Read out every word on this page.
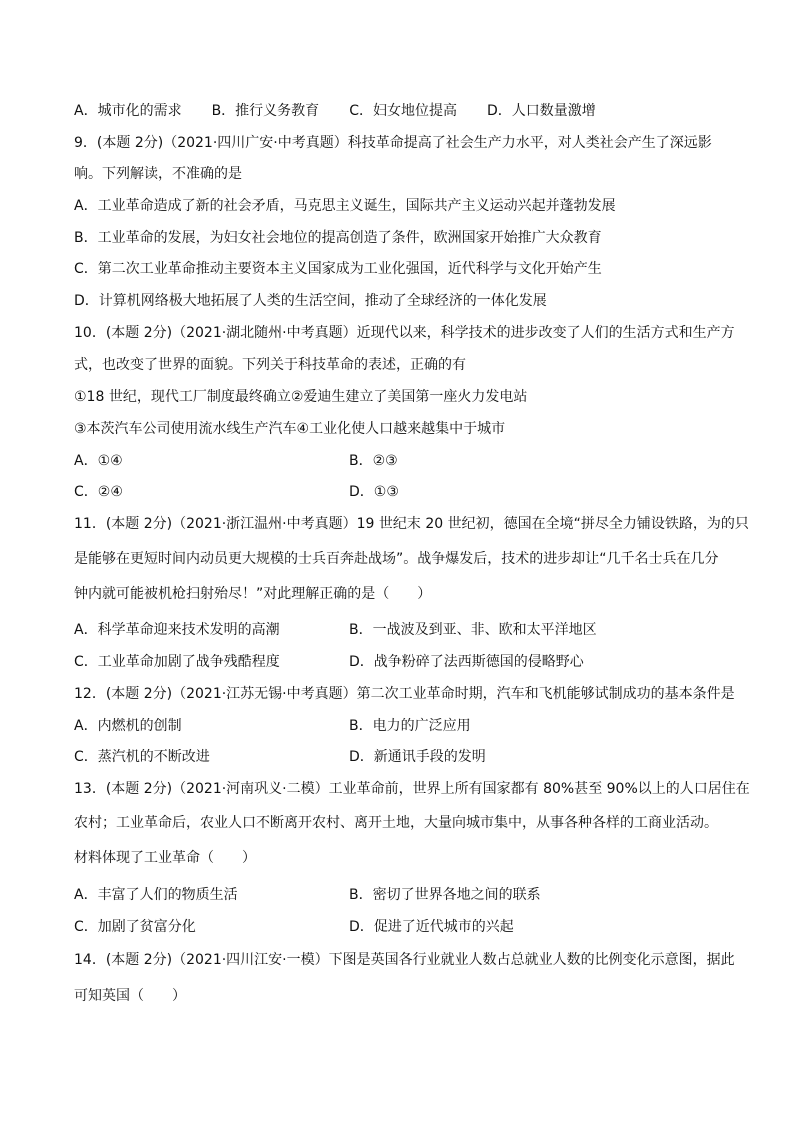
A．城市化的需求 B．推行义务教育 C．妇女地位提高 D．人口数量激增
9．(本题 2分)（2021·四川广安·中考真题）科技革命提高了社会生产力水平，对人类社会产生了深远影
响。下列解读，不准确的是
A．工业革命造成了新的社会矛盾，马克思主义诞生，国际共产主义运动兴起并蓬勃发展
B．工业革命的发展，为妇女社会地位的提高创造了条件，欧洲国家开始推广大众教育
C．第二次工业革命推动主要资本主义国家成为工业化强国，近代科学与文化开始产生
D．计算机网络极大地拓展了人类的生活空间，推动了全球经济的一体化发展
10．(本题 2分)（2021·湖北随州·中考真题）近现代以来，科学技术的进步改变了人们的生活方式和生产方
式，也改变了世界的面貌。下列关于科技革命的表述，正确的有
①18 世纪，现代工厂制度最终确立②爱迪生建立了美国第一座火力发电站
③本茨汽车公司使用流水线生产汽车④工业化使人口越来越集中于城市
A．①④	B．②③
C．②④	D．①③
11．(本题 2分)（2021·浙江温州·中考真题）19 世纪末 20 世纪初，德国在全境“拼尽全力铺设铁路，为的只
是能够在更短时间内动员更大规模的士兵百奔赴战场”。战争爆发后，技术的进步却让“几千名士兵在几分
钟内就可能被机枪扫射殆尽！”对此理解正确的是（　　）
A．科学革命迎来技术发明的高潮	B．一战波及到亚、非、欧和太平洋地区
C．工业革命加剧了战争残酷程度	D．战争粉碎了法西斯德国的侵略野心
12．(本题 2分)（2021·江苏无锡·中考真题）第二次工业革命时期，汽车和飞机能够试制成功的基本条件是
A．内燃机的创制	B．电力的广泛应用
C．蒸汽机的不断改进	D．新通讯手段的发明
13．(本题 2分)（2021·河南巩义·二模）工业革命前，世界上所有国家都有 80%甚至 90%以上的人口居住在
农村；工业革命后，农业人口不断离开农村、离开土地，大量向城市集中，从事各种各样的工商业活动。
材料体现了工业革命（　　）
A．丰富了人们的物质生活	B．密切了世界各地之间的联系
C．加剧了贫富分化	D．促进了近代城市的兴起
14．(本题 2分)（2021·四川江安·一模）下图是英国各行业就业人数占总就业人数的比例变化示意图，据此
可知英国（　　）
